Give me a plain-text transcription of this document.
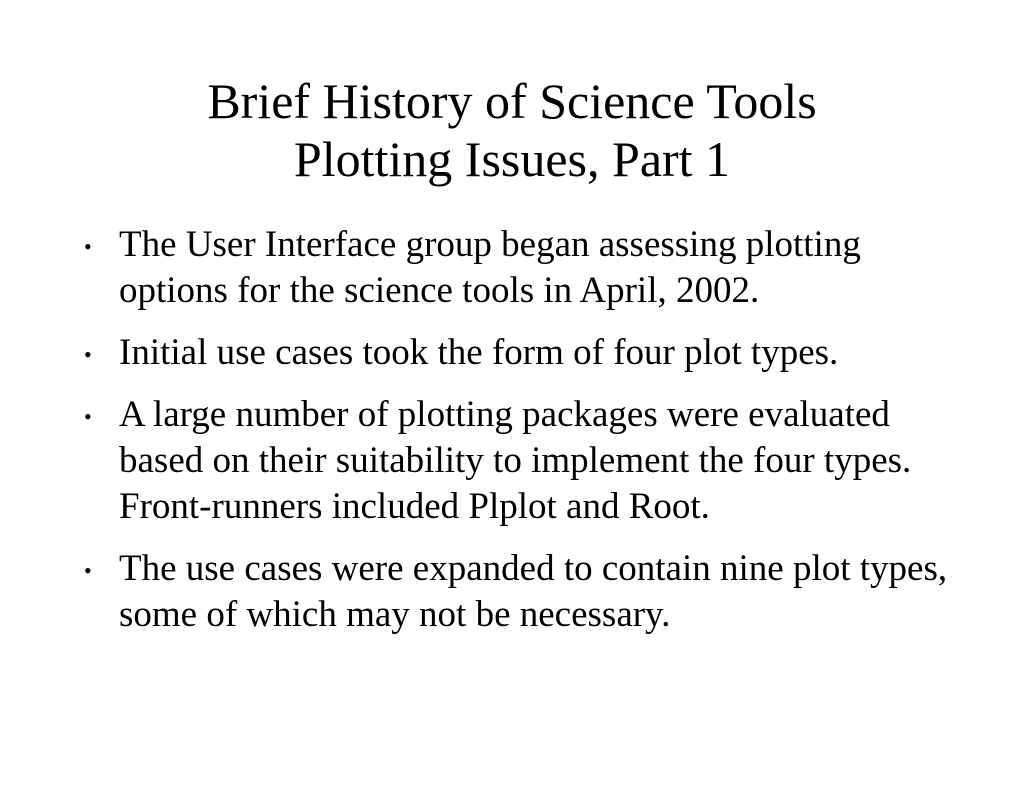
Brief History of Science Tools
Plotting Issues, Part 1
• The User Interface group began assessing plotting options for the science tools in April, 2002.
• Initial use cases took the form of four plot types.
• A large number of plotting packages were evaluated based on their suitability to implement the four types. Front-runners included Plplot and Root.
• The use cases were expanded to contain nine plot types, some of which may not be necessary.
